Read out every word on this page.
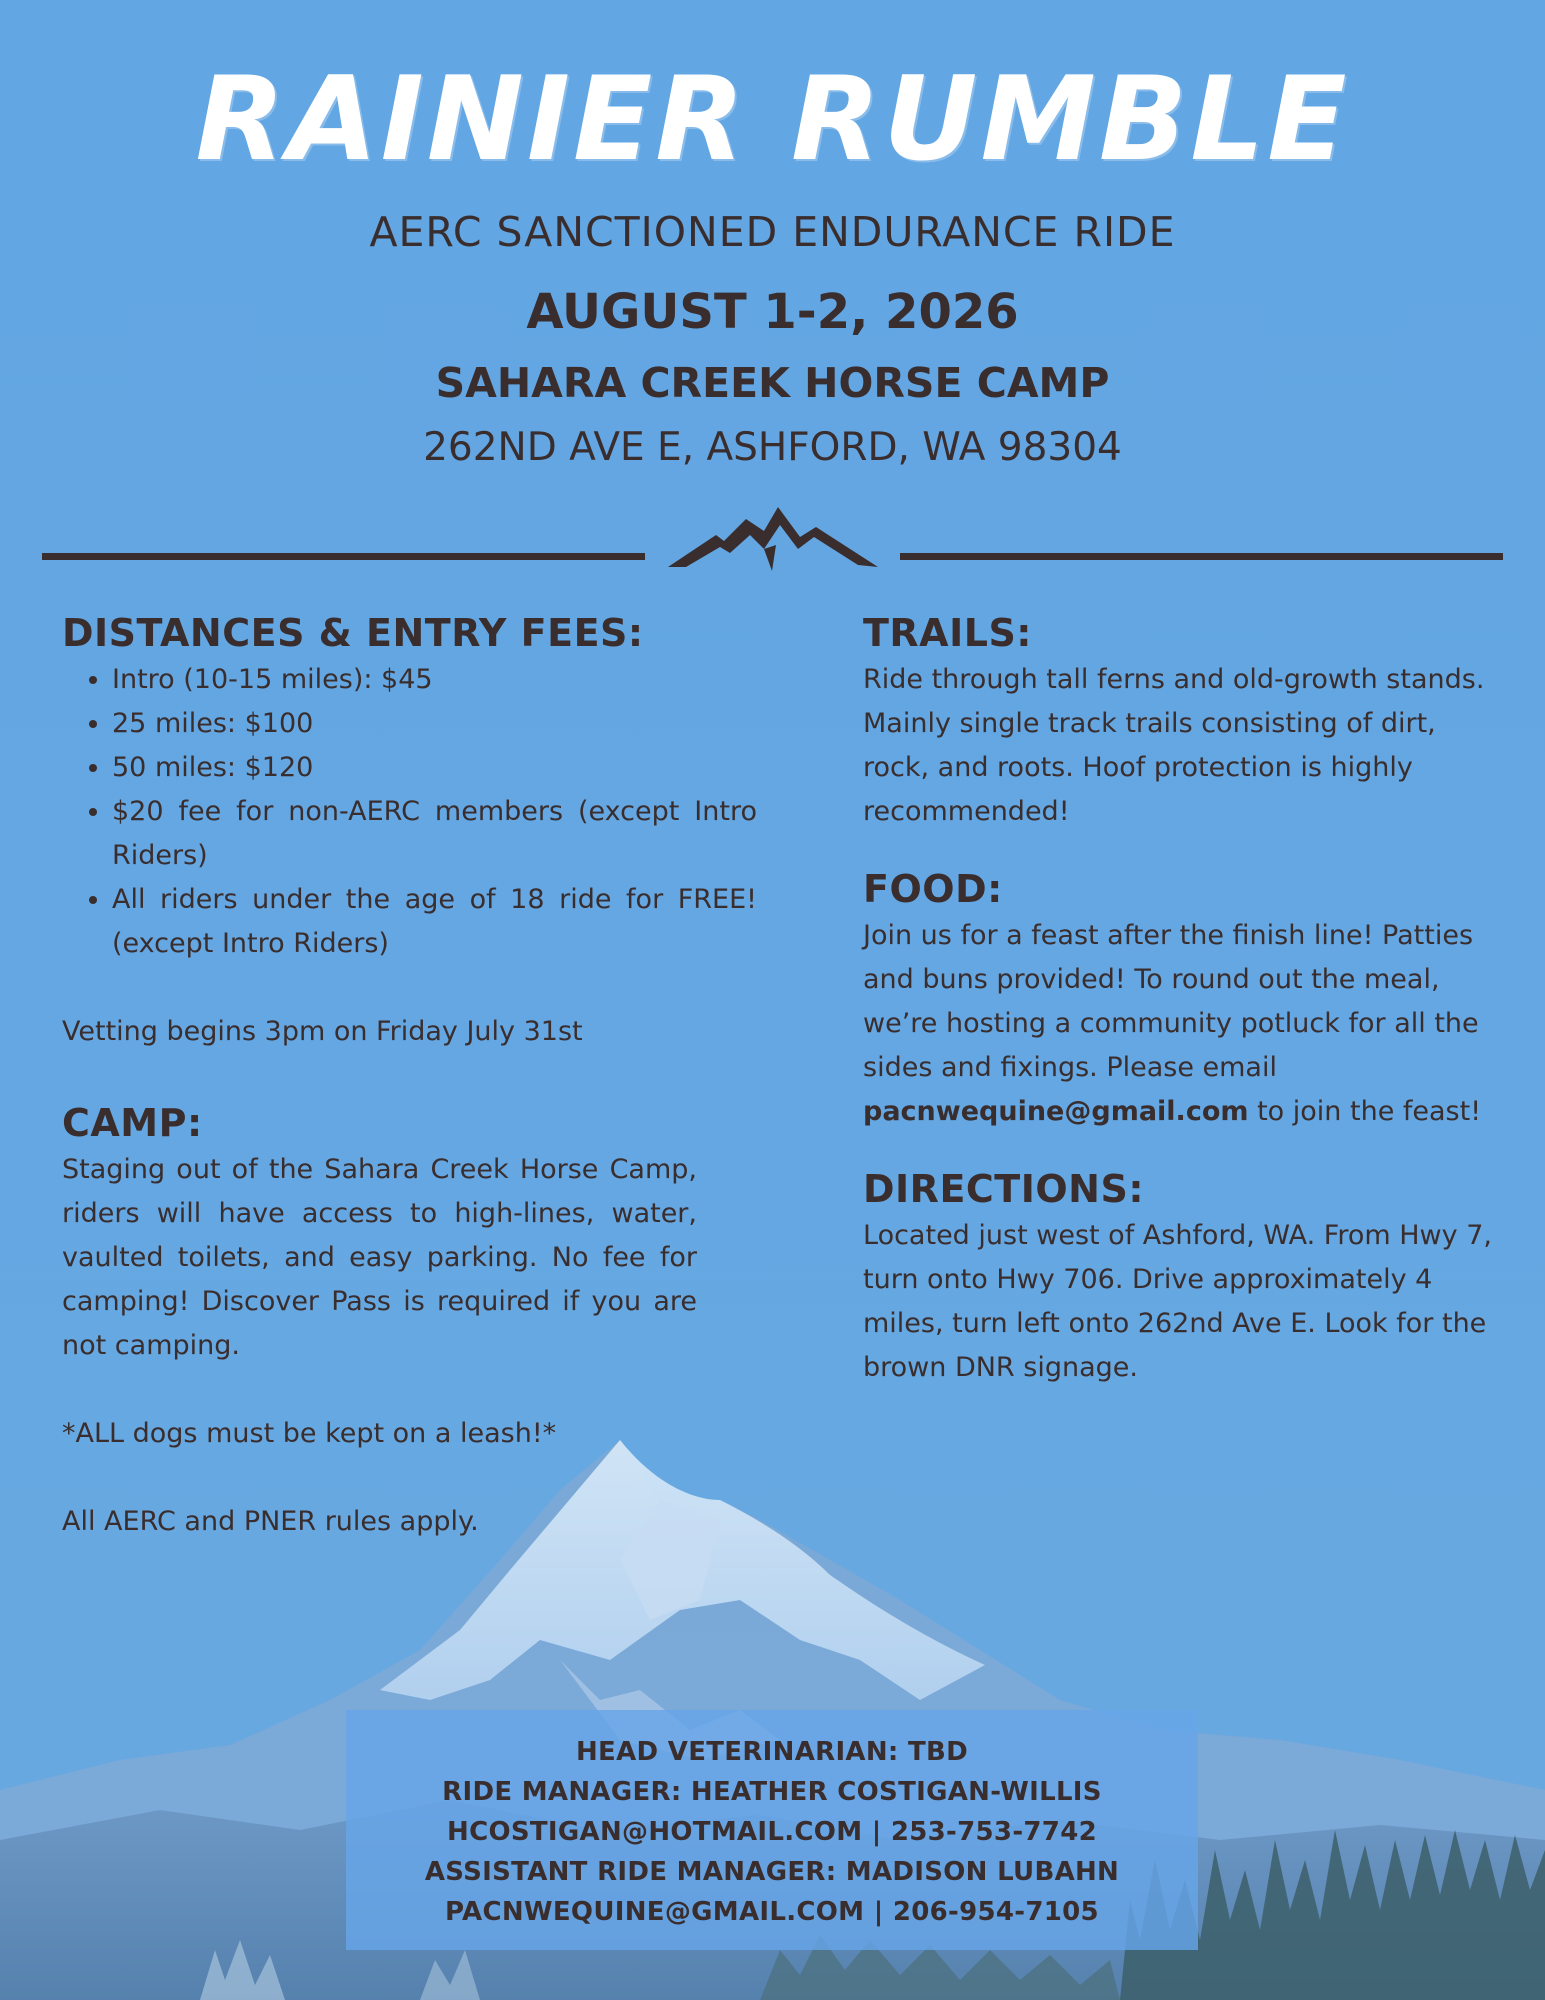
RAINIER RUMBLE
AERC SANCTIONED ENDURANCE RIDE
AUGUST 1-2, 2026
SAHARA CREEK HORSE CAMP
262ND AVE E, ASHFORD, WA 98304
DISTANCES & ENTRY FEES:
• Intro (10-15 miles): $45
• 25 miles: $100
• 50 miles: $120
• $20 fee for non-AERC members (except Intro Riders)
• All riders under the age of 18 ride for FREE! (except Intro Riders)

Vetting begins 3pm on Friday July 31st

CAMP:

Staging out of the Sahara Creek Horse Camp, riders will have access to high-lines, water, vaulted toilets, and easy parking. No fee for camping! Discover Pass is required if you are not camping.

*ALL dogs must be kept on a leash!*

All AERC and PNER rules apply.

TRAILS:

Ride through tall ferns and old-growth stands. Mainly single track trails consisting of dirt, rock, and roots. Hoof protection is highly recommended!

FOOD:

Join us for a feast after the finish line! Patties and buns provided! To round out the meal, we’re hosting a community potluck for all the sides and fixings. Please email pacnwequine@gmail.com to join the feast!

DIRECTIONS:

Located just west of Ashford, WA. From Hwy 7, turn onto Hwy 706. Drive approximately 4 miles, turn left onto 262nd Ave E. Look for the brown DNR signage.

HEAD VETERINARIAN: TBD
RIDE MANAGER: HEATHER COSTIGAN-WILLIS
HCOSTIGAN@HOTMAIL.COM | 253-753-7742
ASSISTANT RIDE MANAGER: MADISON LUBAHN
PACNWEQUINE@GMAIL.COM | 206-954-7105
